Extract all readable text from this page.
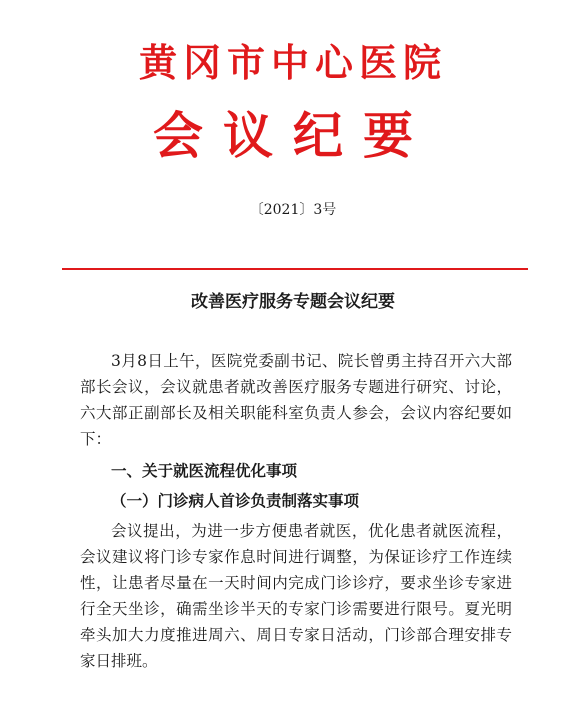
黄冈市中心医院
会议纪要
〔2021〕3号
改善医疗服务专题会议纪要

3月8日上午，医院党委副书记、院长曾勇主持召开六大部部长会议，会议就患者就改善医疗服务专题进行研究、讨论，六大部正副部长及相关职能科室负责人参会，会议内容纪要如下：

一、关于就医流程优化事项

（一）门诊病人首诊负责制落实事项

会议提出，为进一步方便患者就医，优化患者就医流程，会议建议将门诊专家作息时间进行调整，为保证诊疗工作连续性，让患者尽量在一天时间内完成门诊诊疗，要求坐诊专家进行全天坐诊，确需坐诊半天的专家门诊需要进行限号。夏光明牵头加大力度推进周六、周日专家日活动，门诊部合理安排专家日排班。
